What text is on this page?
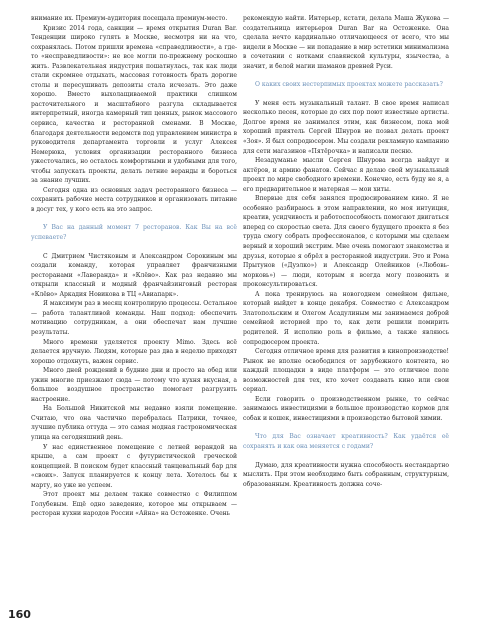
внимание их. Премиум-аудитория посещала премиум-место.

Кризис 2014 года, санкции — время открытия Duran Bar. Тенденции широко гулять в Москве, несмотря ни на что, сохранялась. Потом пришли времена «справедливости», а где-то «несправедливости»: не все могли по-прежнему роскошно жить. Развлекательная индустрия пошатнулась, так как люди стали скромнее отдыхать, массовая готовность брать дорогие столы и пересушивать депозиты стала исчезать. Это даже хорошо. Вместо выхолащиваемой практики слишком расточительного и масштабного разгула складывается интерпретный, иногда камерный тип ценных, рынок массового сервиса, качества и ресторанной сменами. В Москве, благодаря деятельности ведомств под управлением министра в руководителя департамента торговли и услуг Алексея Немерюка, условия организации ресторанного бизнеса ужесточались, но осталось комфортными и удобными для того, чтобы запускать проекты, делать летние веранды и бороться за знание лучших.

Сегодня одна из основных задач ресторанного бизнеса — сохранить рабочие места сотрудников и организовать питание в досуг тех, у кого есть на это запрос.

У Вас на данный момент 7 ресторанов. Как Вы на всё успеваете?

С Дмитрием Чистяковым и Александром Сорокиным мы создали команду, которая управляет франчизными ресторанами «Лаверанда» и «Клёво». Как раз недавно мы открыли классный и модный франчайзинговый ресторан «Клёво» Аркадия Новикова в ТЦ «Авиапарк».

Я максимум раз в месяц контролирую процессы. Остальное — работа талантливой команды. Наш подход: обеспечить мотивацию сотрудникам, а они обеспечат нам лучшие результаты.

Много времени уделяется проекту Mimo. Здесь всё делается вручную. Людям, которые раз два в неделю приходят хорошо отдохнуть, важен сервис.

Много дней рождений в будние дни и просто на обед или ужин многие приезжают сюда — потому что кухня вкусная, а большое воздушное пространство помогает разгрузить настроение.

На Большой Никитской мы недавно взяли помещение. Считаю, что она частично перебралась Патрики, точнее, лучшие публика оттуда — это самая модная гастрономическая улица на сегодняшний день.

У нас единственное помещение с летней верандой на крыше, а сам проект с футуристической греческой концепцией. В поиском будет классный танцевальный бар для «своих». Запуск планируется к концу лета. Хотелось бы к марту, но уже не успеем.

Этот проект мы делаем также совместно с Филиппом Голубевым. Ещё одно заведение, которое мы открываем — ресторан кухни народов России «Айна» на Остоженке. Очень

рекомендую найти. Интерьер, кстати, делала Маша Жукова — создательница интерьеров Duran Bar на Остоженке. Она сделала нечто кардинально отличающееся от всего, что мы видели в Москве — ни попадание в мир эстетики минимализма в сочетании с нотками славянской культуры, язычества, а значит, и белой магии шаманов древней Руси.

О каких своих нестерпимых проектах можете рассказать?

У меня есть музыкальный талант. В свое время написал несколько песен, которые до сих пор поют известные артисты. Долгое время не занимался этим, как бизнесом, пока мой хороший приятель Сергей Шнуров не позвал делать проект «Зоя». Я был сопродюсером. Мы создали рекламную кампанию для сети магазинов «Пятёрочка» и написали песню.

Незадуманье мысли Сергея Шнурова всегда найдут и актёров, и армию фанатов. Сейчас я делаю свой музыкальный проект по мире свободного времени. Конечно, есть буду не я, а его предварительное и матерная — мои хиты.

Впервые для себя занялся продюсированием кино. Я не особенно разбираюсь в этом направлении, но моя интуиция, креатив, усидчивость и работоспособность помогают двигаться вперед со скоростью света. Для своего будущего проекта я без труда смогу собрать профессионалов, с которыми мы сделаем верный и хороший экстрим. Мне очень помогают знакомства и друзья, которые я обрёл в ресторанной индустрии. Это и Рома Прытунов («Дуэлко») и Александр Олейников («Любовь-морковь») — люди, которым я всегда могу позвонить и проконсультироваться.

А пока тренируюсь на новогоднем семейном фильме, который выйдет в конце декабря. Совместно с Александром Златопольским и Олегом Асадулиным мы занимаемся доброй семейной историей про то, как дети решили помирить родителей. Я исполню роль в фильме, а также являюсь сопродюсером проекта.

Сегодня отличное время для развития в кинопроизводстве! Рынок не вполне освободился от зарубежного контента, но каждый площадки в виде платформ — это отличное поле возможностей для тех, кто хочет создавать кино или свои сериал.

Если говорить о производственном рынке, то сейчас занимаюсь инвестициями в большое производство кормов для собак и кошек, инвестициями в производство бытовой химии.

Что для Вас означает креативность? Как удаётся её сохранять и как она меняется с годами?

Думаю, для креативности нужна способность нестандартно мыслить. При этом необходимо быть собранным, структурным, образованным. Креативность должна соче-

160
